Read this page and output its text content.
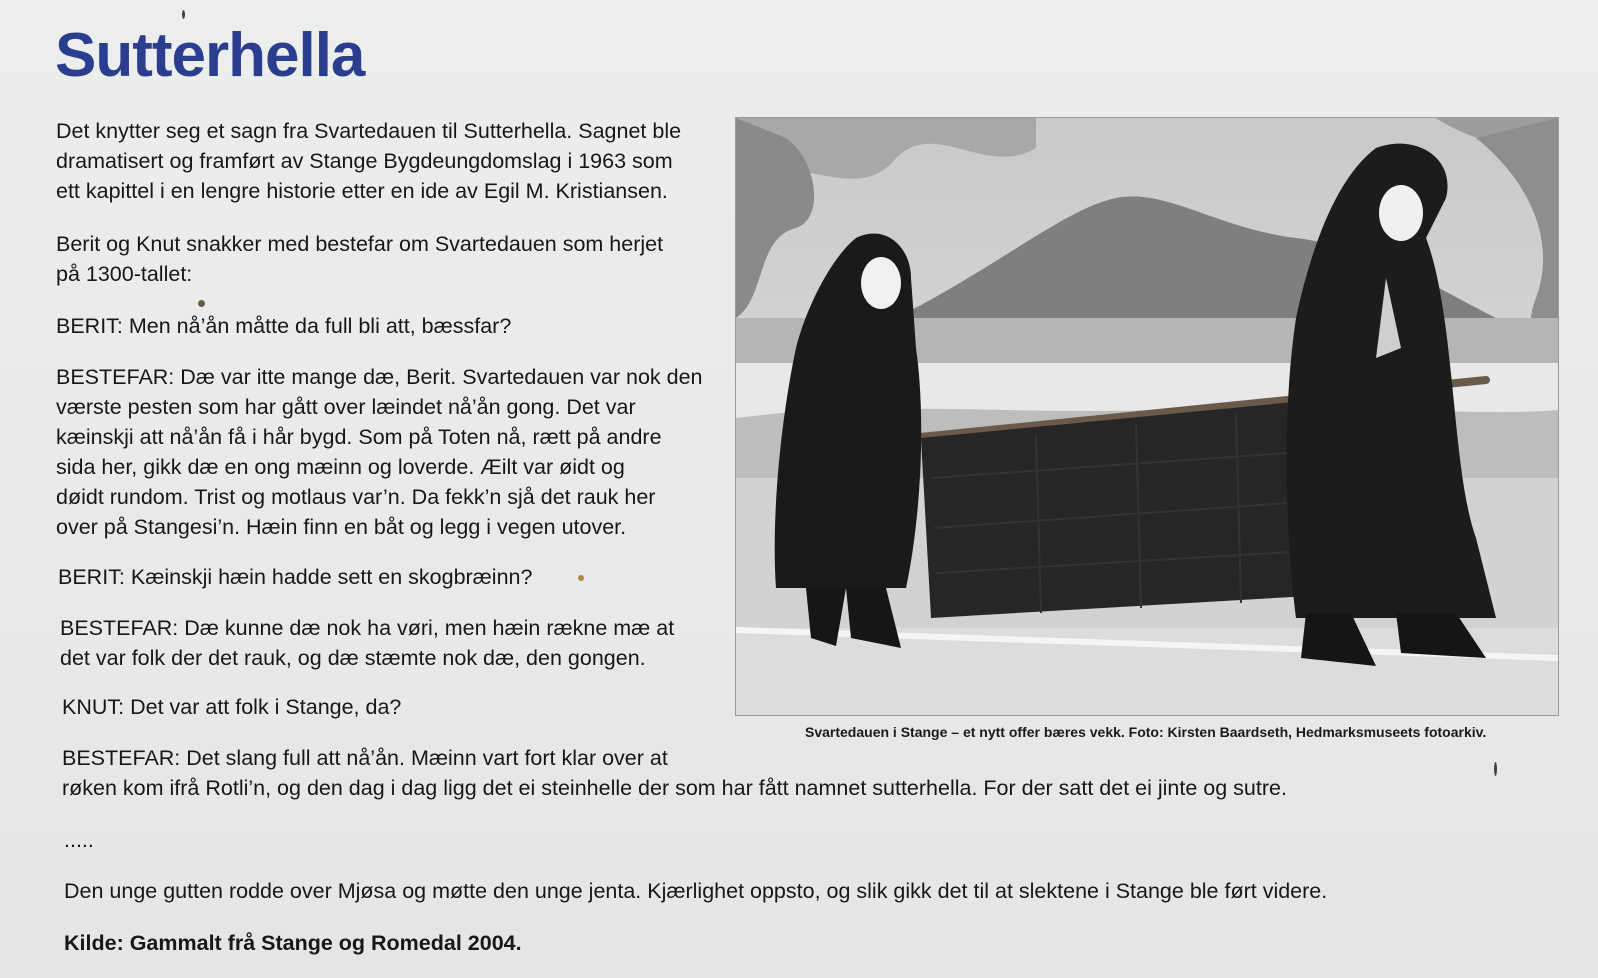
Sutterhella

Det knytter seg et sagn fra Svartedauen til Sutterhella. Sagnet ble
dramatisert og framført av Stange Bygdeungdomslag i 1963 som
ett kapittel i en lengre historie etter en ide av Egil M. Kristiansen.

Berit og Knut snakker med bestefar om Svartedauen som herjet
på 1300-tallet:

BERIT: Men nå’ån måtte da full bli att, bæssfar?

BESTEFAR: Dæ var itte mange dæ, Berit. Svartedauen var nok den
værste pesten som har gått over læindet nå’ån gong. Det var
kæinskji att nå’ån få i hår bygd. Som på Toten nå, rætt på andre
sida her, gikk dæ en ong mæinn og loverde. Æilt var øidt og
døidt rundom. Trist og motlaus var’n. Da fekk’n sjå det rauk her
over på Stangesi’n. Hæin finn en båt og legg i vegen utover.

BERIT: Kæinskji hæin hadde sett en skogbræinn?

BESTEFAR: Dæ kunne dæ nok ha vøri, men hæin rækne mæ at
det var folk der det rauk, og dæ stæmte nok dæ, den gongen.

KNUT: Det var att folk i Stange, da?

BESTEFAR: Det slang full att nå’ån. Mæinn vart fort klar over at
røken kom ifrå Rotli’n, og den dag i dag ligg det ei steinhelle der som har fått namnet sutterhella. For der satt det ei jinte og sutre.

.....

Den unge gutten rodde over Mjøsa og møtte den unge jenta. Kjærlighet oppsto, og slik gikk det til at slektene i Stange ble ført videre.

Kilde: Gammalt frå Stange og Romedal 2004.

Svartedauen i Stange – et nytt offer bæres vekk. Foto: Kirsten Baardseth, Hedmarksmuseets fotoarkiv.
